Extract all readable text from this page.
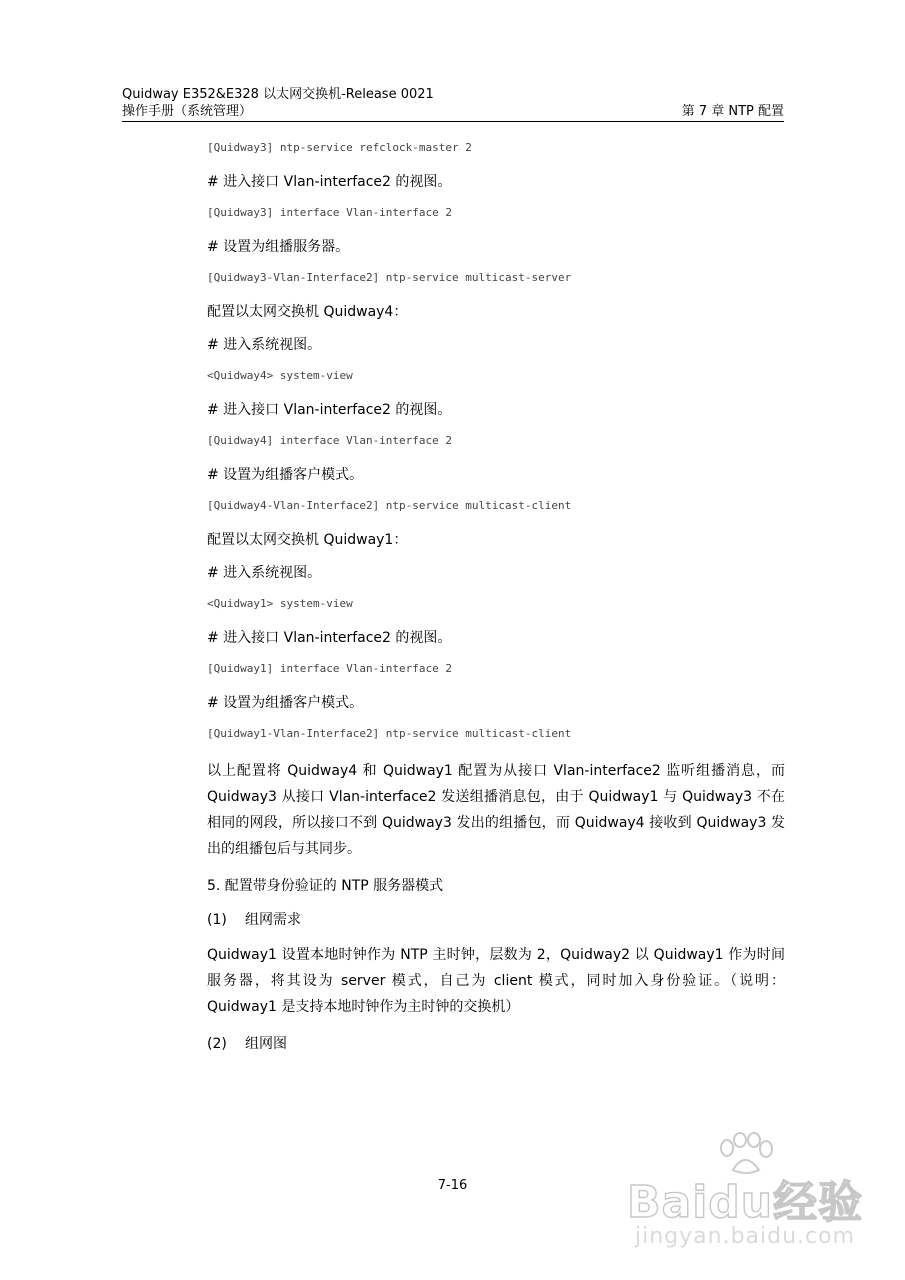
Quidway E352&E328 以太网交换机-Release 0021
操作手册（系统管理）	第 7 章 NTP 配置
[Quidway3] ntp-service refclock-master 2
# 进入接口 Vlan-interface2 的视图。
[Quidway3] interface Vlan-interface 2
# 设置为组播服务器。
[Quidway3-Vlan-Interface2] ntp-service multicast-server
配置以太网交换机 Quidway4：
# 进入系统视图。
<Quidway4> system-view
# 进入接口 Vlan-interface2 的视图。
[Quidway4] interface Vlan-interface 2
# 设置为组播客户模式。
[Quidway4-Vlan-Interface2] ntp-service multicast-client
配置以太网交换机 Quidway1：
# 进入系统视图。
<Quidway1> system-view
# 进入接口 Vlan-interface2 的视图。
[Quidway1] interface Vlan-interface 2
# 设置为组播客户模式。
[Quidway1-Vlan-Interface2] ntp-service multicast-client
以上配置将 Quidway4 和 Quidway1 配置为从接口 Vlan-interface2 监听组播消息，而 Quidway3 从接口 Vlan-interface2 发送组播消息包，由于 Quidway1 与 Quidway3 不在相同的网段，所以接口不到 Quidway3 发出的组播包，而 Quidway4 接收到 Quidway3 发出的组播包后与其同步。
5. 配置带身份验证的 NTP 服务器模式
(1)	组网需求
Quidway1 设置本地时钟作为 NTP 主时钟，层数为 2，Quidway2 以 Quidway1 作为时间服务器，将其设为 server 模式，自己为 client 模式，同时加入身份验证。（说明：Quidway1 是支持本地时钟作为主时钟的交换机）
(2)	组网图
7-16	Baidu经验
jingyan.baidu.com
